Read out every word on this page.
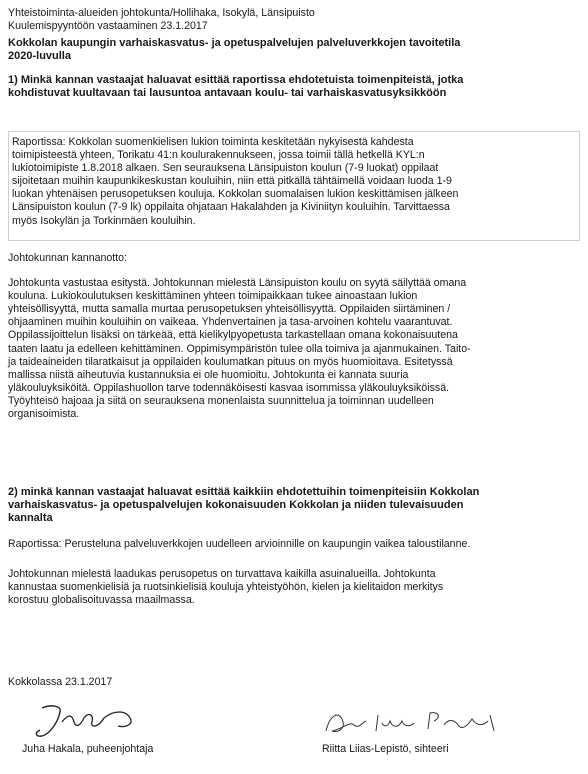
Yhteistoiminta-alueiden johtokunta/Hollihaka, Isokylä, Länsipuisto
Kuulemispyyntöön vastaaminen 23.1.2017
Kokkolan kaupungin varhaiskasvatus- ja opetuspalvelujen palveluverkkojen tavoitetila
2020-luvulla
1) Minkä kannan vastaajat haluavat esittää raportissa ehdotetuista toimenpiteistä, jotka
kohdistuvat kuultavaan tai lausuntoa antavaan koulu- tai varhaiskasvatusyksikköön
Raportissa: Kokkolan suomenkielisen lukion toiminta keskitetään nykyisestä kahdesta
toimipisteestä yhteen, Torikatu 41:n koulurakennukseen, jossa toimii tällä hetkellä KYL:n
lukiotoimipiste 1.8.2018 alkaen. Sen seurauksena Länsipuiston koulun (7-9 luokat) oppilaat
sijoitetaan muihin kaupunkikeskustan kouluihin, niin että pitkällä tähtäimellä voidaan luoda 1-9
luokan yhtenäisen perusopetuksen kouluja. Kokkolan suomalaisen lukion keskittämisen jälkeen
Länsipuiston koulun (7-9 lk) oppilaita ohjataan Hakalahden ja Kiviniityn kouluihin. Tarvittaessa
myös Isokylän ja Torkinmäen kouluihin.
Johtokunnan kannanotto:
Johtokunta vastustaa esitystä. Johtokunnan mielestä Länsipuiston koulu on syytä säilyttää omana
kouluna. Lukiokoulutuksen keskittäminen yhteen toimipaikkaan tukee ainoastaan lukion
yhteisöllisyyttä, mutta samalla murtaa perusopetuksen yhteisöllisyyttä. Oppilaiden siirtäminen /
ohjaaminen muihin kouluihin on vaikeaa. Yhdenvertainen ja tasa-arvoinen kohtelu vaarantuvat.
Oppilassijoittelun lisäksi on tärkeää, että kielikylpyopetusta tarkastellaan omana kokonaisuutena
taaten laatu ja edelleen kehittäminen. Oppimisympäristön tulee olla toimiva ja ajanmukainen. Taito-
ja taideaineiden tilaratkaisut ja oppilaiden koulumatkan pituus on myös huomioitava. Esitetyssä
mallissa niistä aiheutuvia kustannuksia ei ole huomioitu. Johtokunta ei kannata suuria
yläkouluyksiköitä. Oppilashuollon tarve todennäköisesti kasvaa isommissa yläkouluyksiköissä.
Työyhteisö hajoaa ja siitä on seurauksena monenlaista suunnittelua ja toiminnan uudelleen
organisoimista.
2) minkä kannan vastaajat haluavat esittää kaikkiin ehdotettuihin toimenpiteisiin Kokkolan
varhaiskasvatus- ja opetuspalvelujen kokonaisuuden Kokkolan ja niiden tulevaisuuden
kannalta
Raportissa: Perusteluna palveluverkkojen uudelleen arvioinnille on kaupungin vaikea taloustilanne.
Johtokunnan mielestä laadukas perusopetus on turvattava kaikilla asuinalueilla. Johtokunta
kannustaa suomenkielisiä ja ruotsinkielisiä kouluja yhteistyöhön, kielen ja kielitaidon merkitys
korostuu globalisoituvassa maailmassa.
Kokkolassa 23.1.2017
Juha Hakala, puheenjohtaja	Riitta Liias-Lepistö, sihteeri
